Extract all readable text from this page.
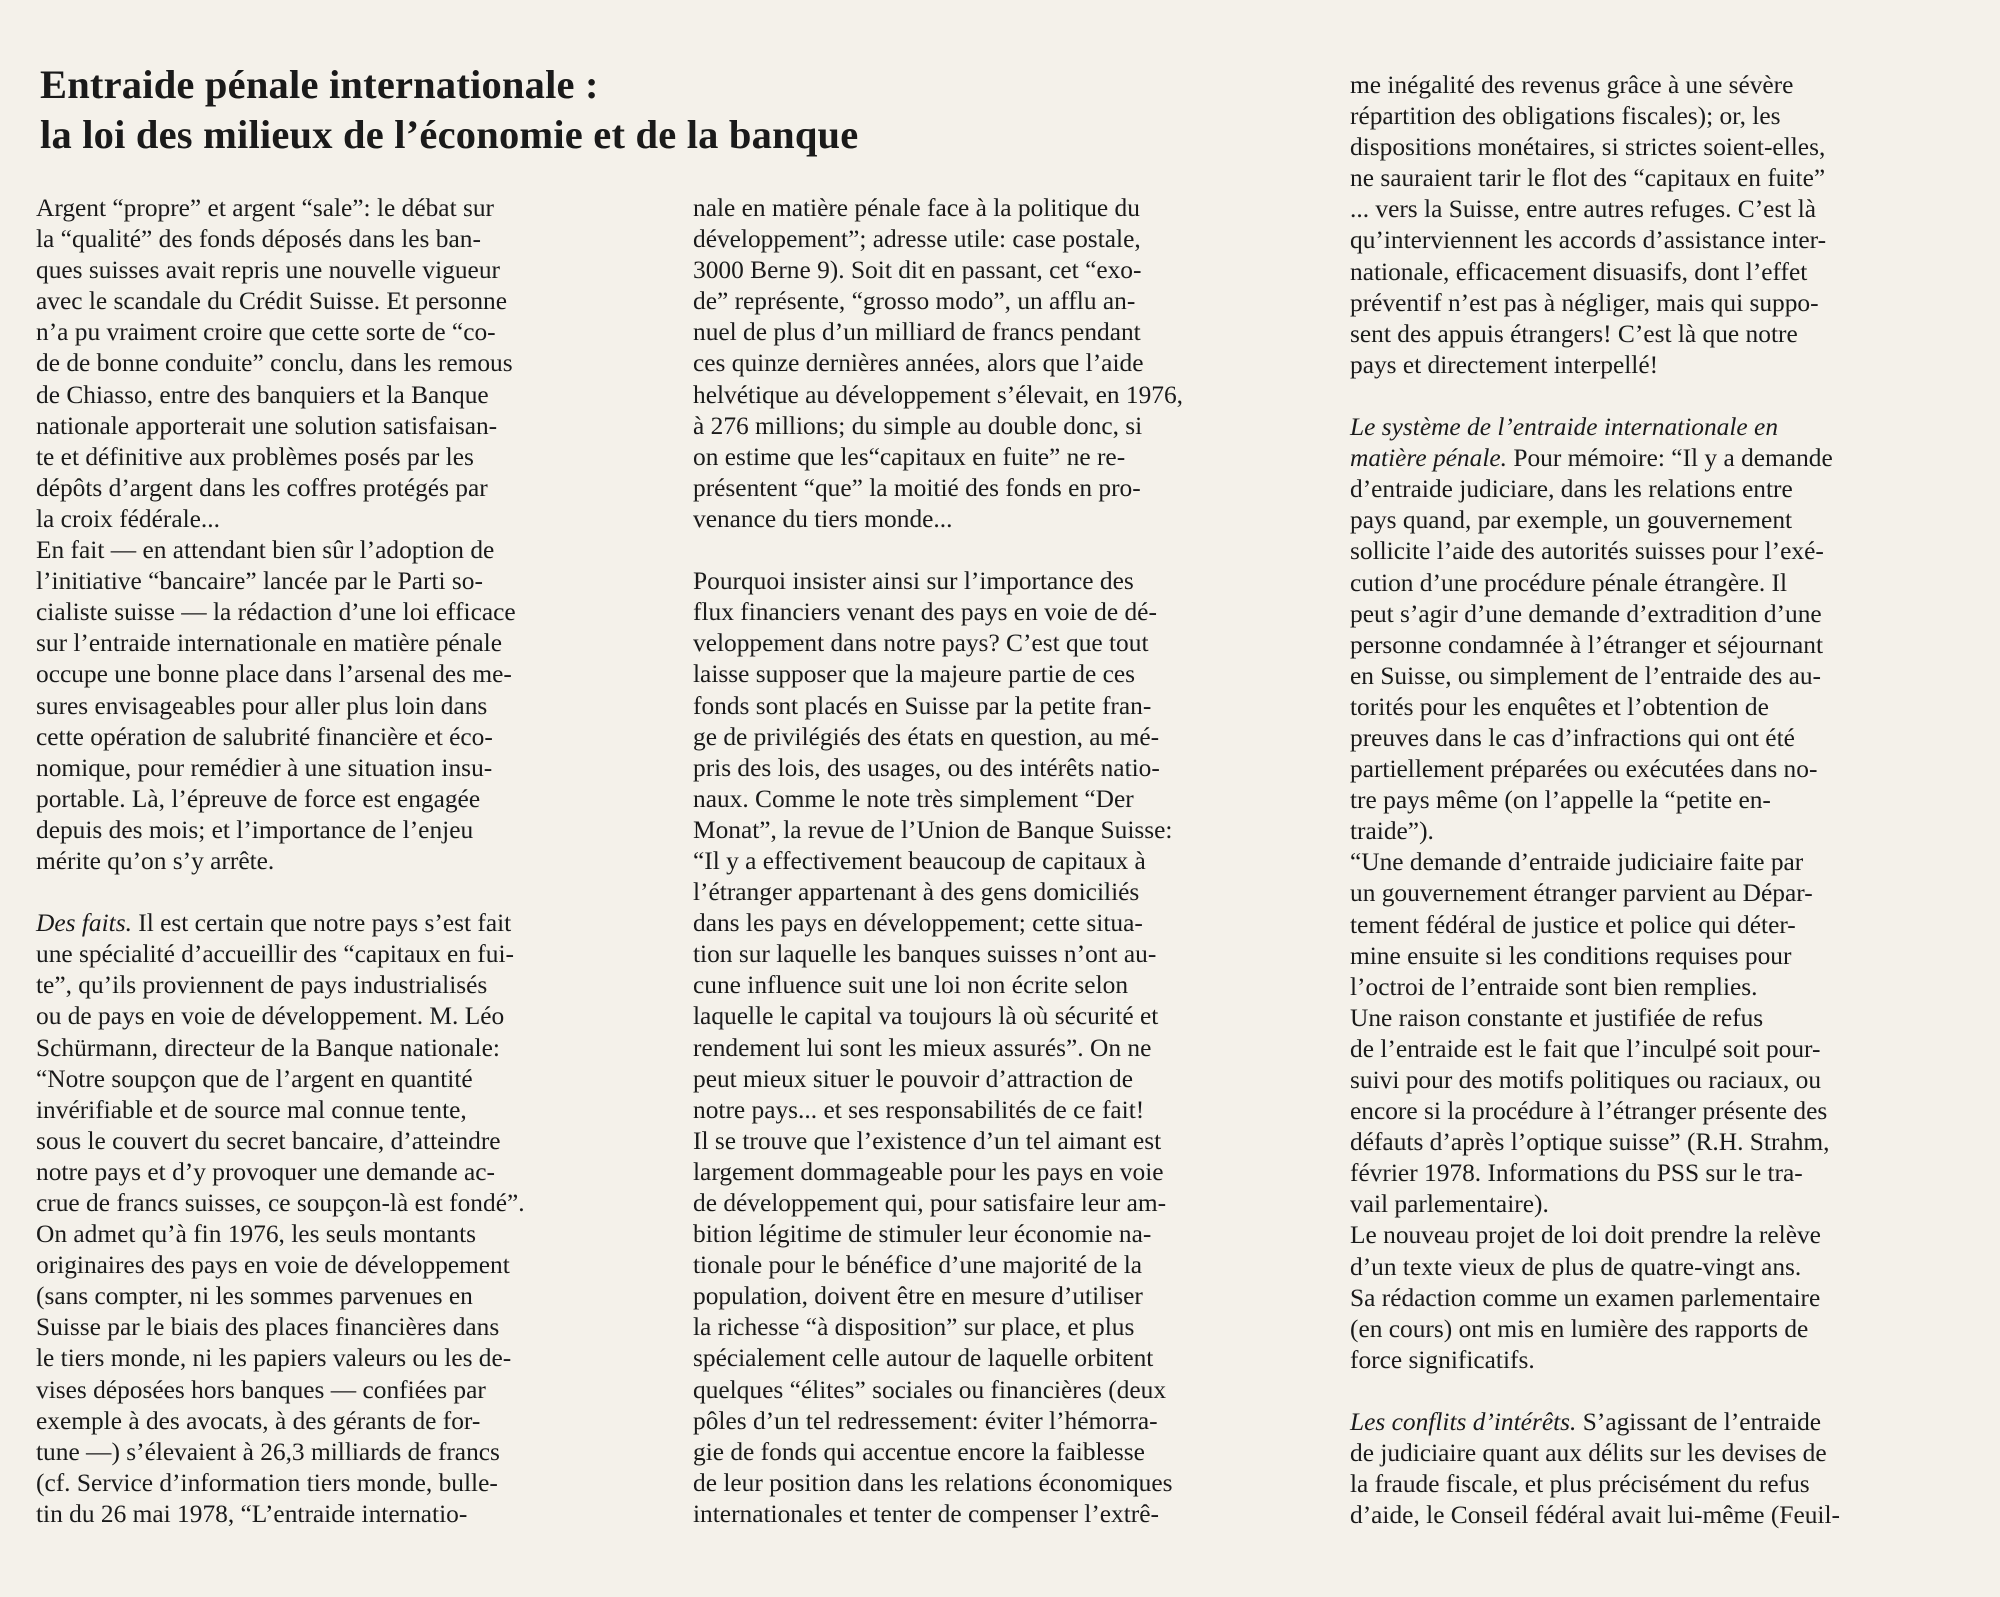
Entraide pénale internationale :
la loi des milieux de l’économie et de la banque
Argent “propre” et argent “sale”: le débat sur
la “qualité” des fonds déposés dans les ban-
ques suisses avait repris une nouvelle vigueur
avec le scandale du Crédit Suisse. Et personne
n’a pu vraiment croire que cette sorte de “co-
de de bonne conduite” conclu, dans les remous
de Chiasso, entre des banquiers et la Banque
nationale apporterait une solution satisfaisan-
te et définitive aux problèmes posés par les
dépôts d’argent dans les coffres protégés par
la croix fédérale...
En fait — en attendant bien sûr l’adoption de
l’initiative “bancaire” lancée par le Parti so-
cialiste suisse — la rédaction d’une loi efficace
sur l’entraide internationale en matière pénale
occupe une bonne place dans l’arsenal des me-
sures envisageables pour aller plus loin dans
cette opération de salubrité financière et éco-
nomique, pour remédier à une situation insu-
portable. Là, l’épreuve de force est engagée
depuis des mois; et l’importance de l’enjeu
mérite qu’on s’y arrête.
Des faits. Il est certain que notre pays s’est fait
une spécialité d’accueillir des “capitaux en fui-
te”, qu’ils proviennent de pays industrialisés
ou de pays en voie de développement. M. Léo
Schürmann, directeur de la Banque nationale:
“Notre soupçon que de l’argent en quantité
invérifiable et de source mal connue tente,
sous le couvert du secret bancaire, d’atteindre
notre pays et d’y provoquer une demande ac-
crue de francs suisses, ce soupçon-là est fondé”.
On admet qu’à fin 1976, les seuls montants
originaires des pays en voie de développement
(sans compter, ni les sommes parvenues en
Suisse par le biais des places financières dans
le tiers monde, ni les papiers valeurs ou les de-
vises déposées hors banques — confiées par
exemple à des avocats, à des gérants de for-
tune —) s’élevaient à 26,3 milliards de francs
(cf. Service d’information tiers monde, bulle-
tin du 26 mai 1978, “L’entraide internatio-
nale en matière pénale face à la politique du
développement”; adresse utile: case postale,
3000 Berne 9). Soit dit en passant, cet “exo-
de” représente, “grosso modo”, un afflu an-
nuel de plus d’un milliard de francs pendant
ces quinze dernières années, alors que l’aide
helvétique au développement s’élevait, en 1976,
à 276 millions; du simple au double donc, si
on estime que les“capitaux en fuite” ne re-
présentent “que” la moitié des fonds en pro-
venance du tiers monde...
Pourquoi insister ainsi sur l’importance des
flux financiers venant des pays en voie de dé-
veloppement dans notre pays? C’est que tout
laisse supposer que la majeure partie de ces
fonds sont placés en Suisse par la petite fran-
ge de privilégiés des états en question, au mé-
pris des lois, des usages, ou des intérêts natio-
naux. Comme le note très simplement “Der
Monat”, la revue de l’Union de Banque Suisse:
“Il y a effectivement beaucoup de capitaux à
l’étranger appartenant à des gens domiciliés
dans les pays en développement; cette situa-
tion sur laquelle les banques suisses n’ont au-
cune influence suit une loi non écrite selon
laquelle le capital va toujours là où sécurité et
rendement lui sont les mieux assurés”. On ne
peut mieux situer le pouvoir d’attraction de
notre pays... et ses responsabilités de ce fait!
Il se trouve que l’existence d’un tel aimant est
largement dommageable pour les pays en voie
de développement qui, pour satisfaire leur am-
bition légitime de stimuler leur économie na-
tionale pour le bénéfice d’une majorité de la
population, doivent être en mesure d’utiliser
la richesse “à disposition” sur place, et plus
spécialement celle autour de laquelle orbitent
quelques “élites” sociales ou financières (deux
pôles d’un tel redressement: éviter l’hémorra-
gie de fonds qui accentue encore la faiblesse
de leur position dans les relations économiques
internationales et tenter de compenser l’extrê-
me inégalité des revenus grâce à une sévère
répartition des obligations fiscales); or, les
dispositions monétaires, si strictes soient-elles,
ne sauraient tarir le flot des “capitaux en fuite”
... vers la Suisse, entre autres refuges. C’est là
qu’interviennent les accords d’assistance inter-
nationale, efficacement disuasifs, dont l’effet
préventif n’est pas à négliger, mais qui suppo-
sent des appuis étrangers! C’est là que notre
pays et directement interpellé!
Le système de l’entraide internationale en
matière pénale. Pour mémoire: “Il y a demande
d’entraide judiciare, dans les relations entre
pays quand, par exemple, un gouvernement
sollicite l’aide des autorités suisses pour l’exé-
cution d’une procédure pénale étrangère. Il
peut s’agir d’une demande d’extradition d’une
personne condamnée à l’étranger et séjournant
en Suisse, ou simplement de l’entraide des au-
torités pour les enquêtes et l’obtention de
preuves dans le cas d’infractions qui ont été
partiellement préparées ou exécutées dans no-
tre pays même (on l’appelle la “petite en-
traide”).
“Une demande d’entraide judiciaire faite par
un gouvernement étranger parvient au Dépar-
tement fédéral de justice et police qui déter-
mine ensuite si les conditions requises pour
l’octroi de l’entraide sont bien remplies.
Une raison constante et justifiée de refus
de l’entraide est le fait que l’inculpé soit pour-
suivi pour des motifs politiques ou raciaux, ou
encore si la procédure à l’étranger présente des
défauts d’après l’optique suisse” (R.H. Strahm,
février 1978. Informations du PSS sur le tra-
vail parlementaire).
Le nouveau projet de loi doit prendre la relève
d’un texte vieux de plus de quatre-vingt ans.
Sa rédaction comme un examen parlementaire
(en cours) ont mis en lumière des rapports de
force significatifs.
Les conflits d’intérêts. S’agissant de l’entraide
de judiciaire quant aux délits sur les devises de
la fraude fiscale, et plus précisément du refus
d’aide, le Conseil fédéral avait lui-même (Feuil-
